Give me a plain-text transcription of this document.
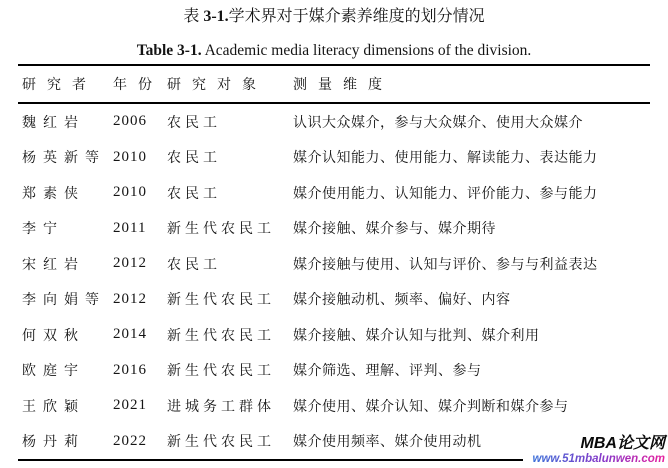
表 3-1.学术界对于媒介素养维度的划分情况
Table 3-1. Academic media literacy dimensions of the division.
研究者	年份 研究对象	测量维度
魏红岩	2006	农民工	认识大众媒介，参与大众媒介、使用大众媒介
杨英新等 2010	农民工	媒介认知能力、使用能力、解读能力、表达能力
郑素侠	2010	农民工	媒介使用能力、认知能力、评价能力、参与能力
李宁	2011	新生代农民工	媒介接触、媒介参与、媒介期待
宋红岩	2012	农民工	媒介接触与使用、认知与评价、参与与利益表达
李向娟等 2012	新生代农民工	媒介接触动机、频率、偏好、内容
何双秋	2014	新生代农民工	媒介接触、媒介认知与批判、媒介利用
欧庭宇	2016	新生代农民工	媒介筛选、理解、评判、参与
王欣颖	2021	进城务工群体	媒介使用、媒介认知、媒介判断和媒介参与
杨丹莉	2022	新生代农民工	媒介使用频率、媒介使用动机	MBA论文网
www.51mbalunwen.com
